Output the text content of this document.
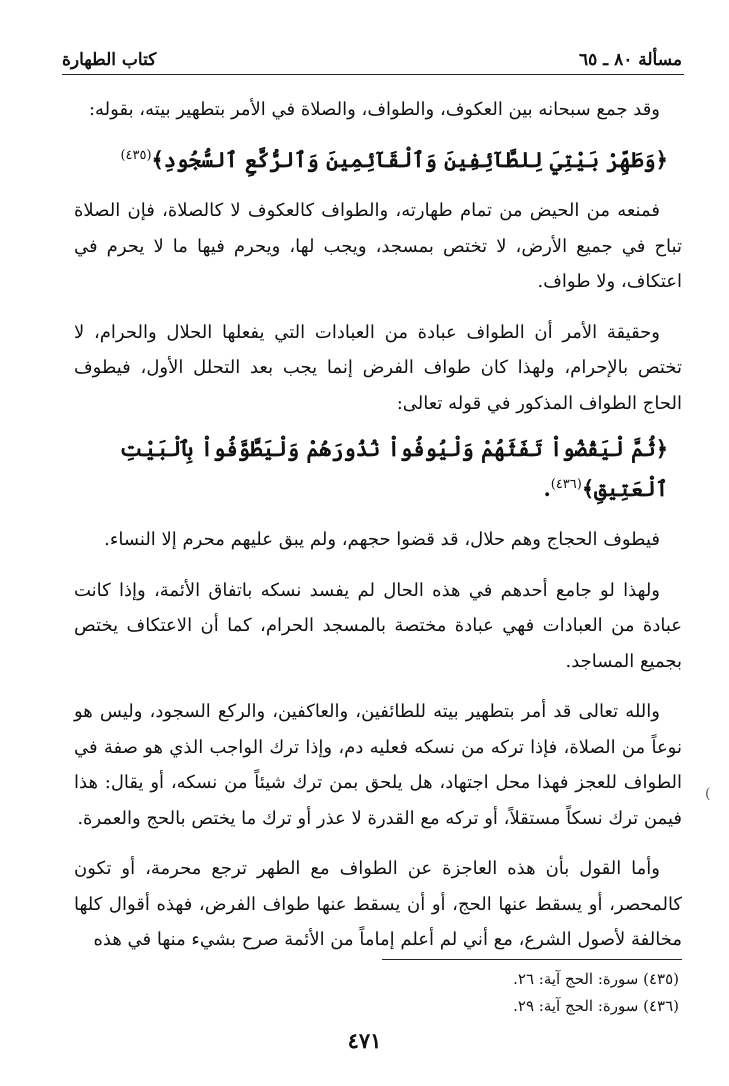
كتاب الطهارة	مسألة ٨٠ ـ ٦٥

وقد جمع سبحانه بين العكوف، والطواف، والصلاة في الأمر بتطهير بيته، بقوله:

﴿وَطَهِّرْ بَيْتِيَ لِلطَّآئِفِينَ وَٱلْقَآئِمِينَ وَٱلرُّكَّعِ ٱلسُّجُودِ﴾$^{(٤٣٥)}$

فمنعه من الحيض من تمام طهارته، والطواف كالعكوف لا كالصلاة، فإن الصلاة تباح في جميع الأرض، لا تختص بمسجد، ويجب لها، ويحرم فيها ما لا يحرم في اعتكاف، ولا طواف.

وحقيقة الأمر أن الطواف عبادة من العبادات التي يفعلها الحلال والحرام، لا تختص بالإحرام، ولهذا كان طواف الفرض إنما يجب بعد التحلل الأول، فيطوف الحاج الطواف المذكور في قوله تعالى:

﴿ثُمَّ لْيَقْضُواْ تَفَثَهُمْ وَلْيُوفُواْ نُذُورَهُمْ وَلْيَطَّوَّفُواْ بِٱلْبَيْتِ ٱلْعَتِيقِ﴾$^{(٤٣٦)}$.

فيطوف الحجاج وهم حلال، قد قضوا حجهم، ولم يبق عليهم محرم إلا النساء.

ولهذا لو جامع أحدهم في هذه الحال لم يفسد نسكه باتفاق الأئمة، وإذا كانت عبادة من العبادات فهي عبادة مختصة بالمسجد الحرام، كما أن الاعتكاف يختص بجميع المساجد.

والله تعالى قد أمر بتطهير بيته للطائفين، والعاكفين، والركع السجود، وليس هو نوعاً من الصلاة، فإذا تركه من نسكه فعليه دم، وإذا ترك الواجب الذي هو صفة في الطواف للعجز فهذا محل اجتهاد، هل يلحق بمن ترك شيئاً من نسكه، أو يقال: هذا فيمن ترك نسكاً مستقلاً، أو تركه مع القدرة لا عذر أو ترك ما يختص بالحج والعمرة.

وأما القول بأن هذه العاجزة عن الطواف مع الطهر ترجع محرمة، أو تكون كالمحصر، أو يسقط عنها الحج، أو أن يسقط عنها طواف الفرض، فهذه أقوال كلها مخالفة لأصول الشرع، مع أني لم أعلم إماماً من الأئمة صرح بشيء منها في هذه

(
(٤٣٥) سورة: الحج آية: ٢٦.
(٤٣٦) سورة: الحج آية: ٢٩.
٤٧١
